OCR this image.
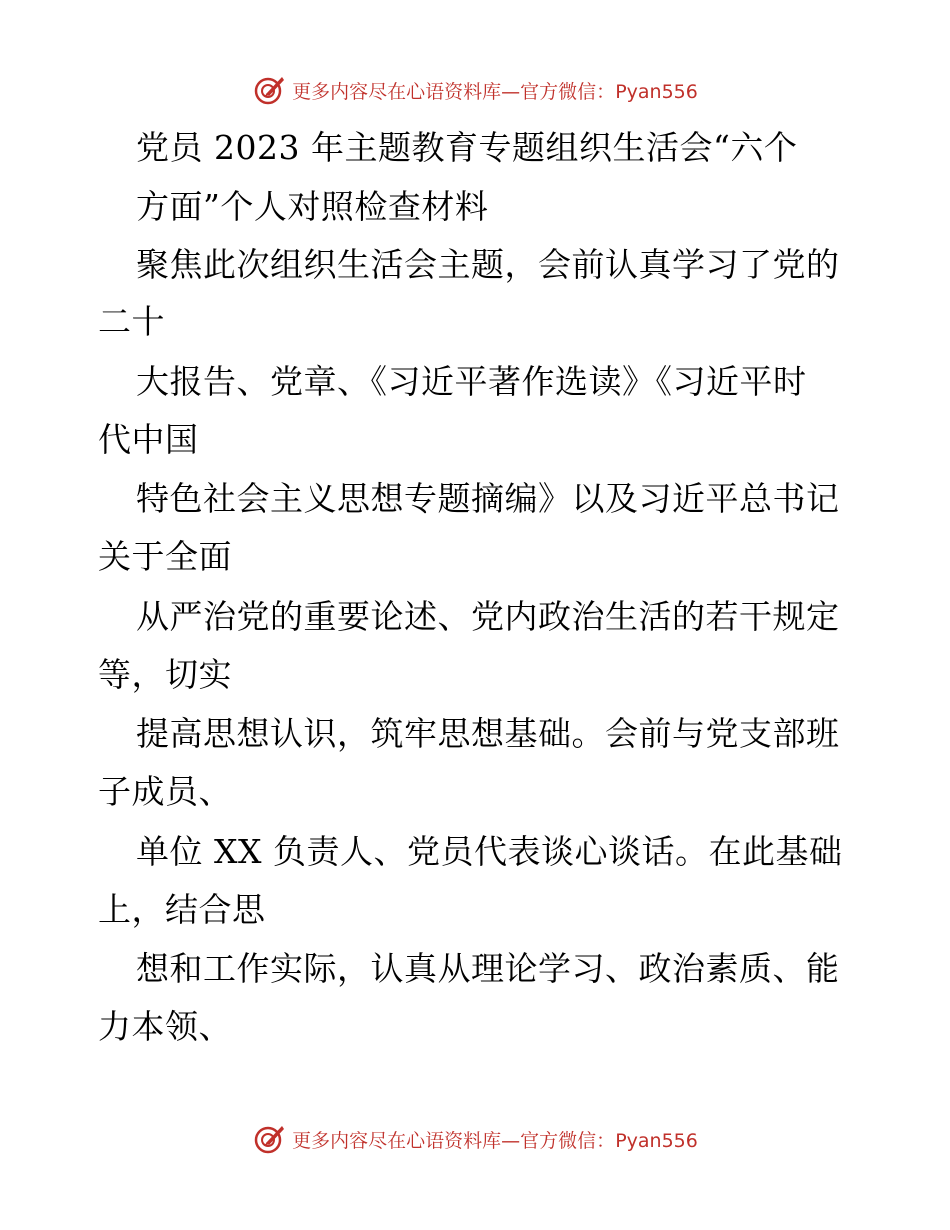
更多内容尽在心语资料库—官方微信：Pyan556
党员 2023 年主题教育专题组织生活会“六个
方面”个人对照检查材料
聚焦此次组织生活会主题，会前认真学习了党的
二十
大报告、党章、《习近平著作选读》《习近平时
代中国
特色社会主义思想专题摘编》以及习近平总书记
关于全面
从严治党的重要论述、党内政治生活的若干规定
等，切实
提高思想认识，筑牢思想基础。会前与党支部班
子成员、
单位 XX 负责人、党员代表谈心谈话。在此基础
上，结合思
想和工作实际，认真从理论学习、政治素质、能
力本领、
更多内容尽在心语资料库—官方微信：Pyan556
